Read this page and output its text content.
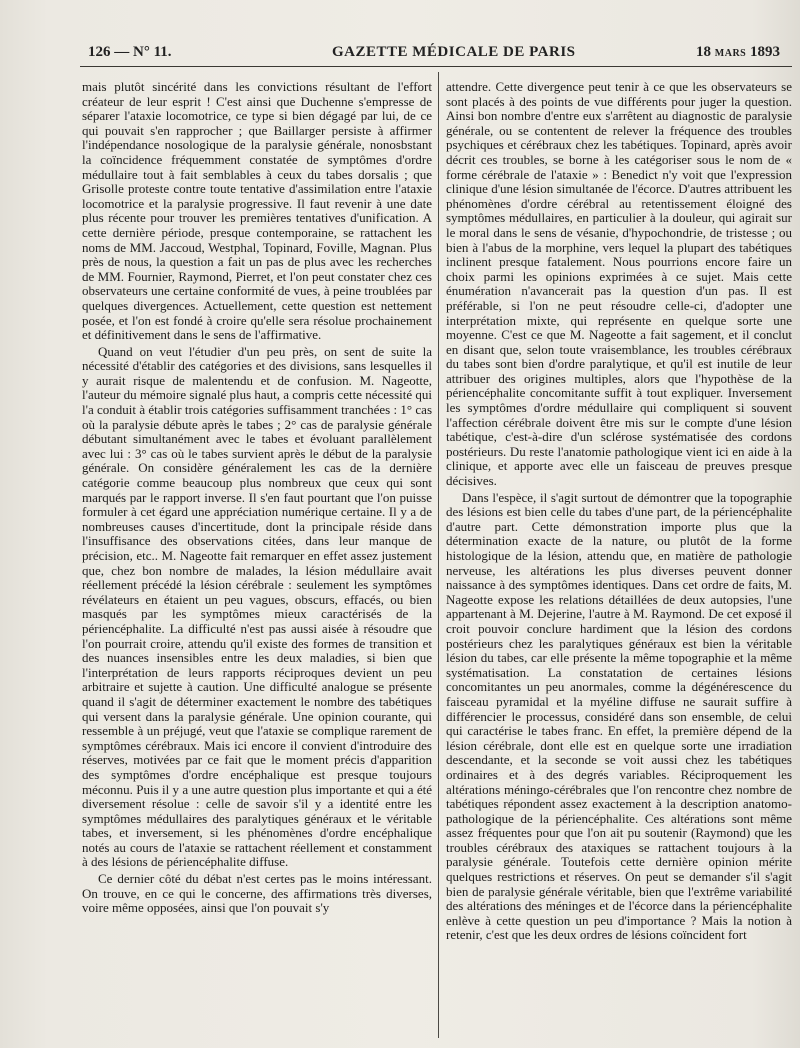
126 — N° 11.	GAZETTE MÉDICALE DE PARIS	18 MARS 1893

mais plutôt sincérité dans les convictions résultant de l'effort créateur de leur esprit ! C'est ainsi que Duchenne s'empresse de séparer l'ataxie locomotrice, ce type si bien dégagé par lui, de ce qui pouvait s'en rapprocher ; que Baillarger persiste à affirmer l'indépendance nosologique de la paralysie générale, nonosbstant la coïncidence fréquemment constatée de symptômes d'ordre médullaire tout à fait semblables à ceux du tabes dorsalis ; que Grisolle proteste contre toute tentative d'assimilation entre l'ataxie locomotrice et la paralysie progressive. Il faut revenir à une date plus récente pour trouver les premières tentatives d'unification. A cette dernière période, presque contemporaine, se rattachent les noms de MM. Jaccoud, Westphal, Topinard, Foville, Magnan. Plus près de nous, la question a fait un pas de plus avec les recherches de MM. Fournier, Raymond, Pierret, et l'on peut constater chez ces observateurs une certaine conformité de vues, à peine troublées par quelques divergences. Actuellement, cette question est nettement posée, et l'on est fondé à croire qu'elle sera résolue prochainement et définitivement dans le sens de l'affirmative.

Quand on veut l'étudier d'un peu près, on sent de suite la nécessité d'établir des catégories et des divisions, sans lesquelles il y aurait risque de malentendu et de confusion. M. Nageotte, l'auteur du mémoire signalé plus haut, a compris cette nécessité qui l'a conduit à établir trois catégories suffisamment tranchées : 1° cas où la paralysie débute après le tabes ; 2° cas de paralysie générale débutant simultanément avec le tabes et évoluant parallèlement avec lui : 3° cas où le tabes survient après le début de la paralysie générale. On considère généralement les cas de la dernière catégorie comme beaucoup plus nombreux que ceux qui sont marqués par le rapport inverse. Il s'en faut pourtant que l'on puisse formuler à cet égard une appréciation numérique certaine. Il y a de nombreuses causes d'incertitude, dont la principale réside dans l'insuffisance des observations citées, dans leur manque de précision, etc.. M. Nageotte fait remarquer en effet assez justement que, chez bon nombre de malades, la lésion médullaire avait réellement précédé la lésion cérébrale : seulement les symptômes révélateurs en étaient un peu vagues, obscurs, effacés, ou bien masqués par les symptômes mieux caractérisés de la périencéphalite. La difficulté n'est pas aussi aisée à résoudre que l'on pourrait croire, attendu qu'il existe des formes de transition et des nuances insensibles entre les deux maladies, si bien que l'interprétation de leurs rapports réciproques devient un peu arbitraire et sujette à caution. Une difficulté analogue se présente quand il s'agit de déterminer exactement le nombre des tabétiques qui versent dans la paralysie générale. Une opinion courante, qui ressemble à un préjugé, veut que l'ataxie se complique rarement de symptômes cérébraux. Mais ici encore il convient d'introduire des réserves, motivées par ce fait que le moment précis d'apparition des symptômes d'ordre encéphalique est presque toujours méconnu. Puis il y a une autre question plus importante et qui a été diversement résolue : celle de savoir s'il y a identité entre les symptômes médullaires des paralytiques généraux et le véritable tabes, et inversement, si les phénomènes d'ordre encéphalique notés au cours de l'ataxie se rattachent réellement et constamment à des lésions de périencéphalite diffuse.

Ce dernier côté du débat n'est certes pas le moins intéressant. On trouve, en ce qui le concerne, des affirmations très diverses, voire même opposées, ainsi que l'on pouvait s'y

attendre. Cette divergence peut tenir à ce que les observateurs se sont placés à des points de vue différents pour juger la question. Ainsi bon nombre d'entre eux s'arrêtent au diagnostic de paralysie générale, ou se contentent de relever la fréquence des troubles psychiques et cérébraux chez les tabétiques. Topinard, après avoir décrit ces troubles, se borne à les catégoriser sous le nom de « forme cérébrale de l'ataxie » : Benedict n'y voit que l'expression clinique d'une lésion simultanée de l'écorce. D'autres attribuent les phénomènes d'ordre cérébral au retentissement éloigné des symptômes médullaires, en particulier à la douleur, qui agirait sur le moral dans le sens de vésanie, d'hypochondrie, de tristesse ; ou bien à l'abus de la morphine, vers lequel la plupart des tabétiques inclinent presque fatalement. Nous pourrions encore faire un choix parmi les opinions exprimées à ce sujet. Mais cette énumération n'avancerait pas la question d'un pas. Il est préférable, si l'on ne peut résoudre celle-ci, d'adopter une interprétation mixte, qui représente en quelque sorte une moyenne. C'est ce que M. Nageotte a fait sagement, et il conclut en disant que, selon toute vraisemblance, les troubles cérébraux du tabes sont bien d'ordre paralytique, et qu'il est inutile de leur attribuer des origines multiples, alors que l'hypothèse de la périencéphalite concomitante suffit à tout expliquer. Inversement les symptômes d'ordre médullaire qui compliquent si souvent l'affection cérébrale doivent être mis sur le compte d'une lésion tabétique, c'est-à-dire d'un sclérose systématisée des cordons postérieurs. Du reste l'anatomie pathologique vient ici en aide à la clinique, et apporte avec elle un faisceau de preuves presque décisives.

Dans l'espèce, il s'agit surtout de démontrer que la topographie des lésions est bien celle du tabes d'une part, de la périencéphalite d'autre part. Cette démonstration importe plus que la détermination exacte de la nature, ou plutôt de la forme histologique de la lésion, attendu que, en matière de pathologie nerveuse, les altérations les plus diverses peuvent donner naissance à des symptômes identiques. Dans cet ordre de faits, M. Nageotte expose les relations détaillées de deux autopsies, l'une appartenant à M. Dejerine, l'autre à M. Raymond. De cet exposé il croit pouvoir conclure hardiment que la lésion des cordons postérieurs chez les paralytiques généraux est bien la véritable lésion du tabes, car elle présente la même topographie et la même systématisation. La constatation de certaines lésions concomitantes un peu anormales, comme la dégénérescence du faisceau pyramidal et la myéline diffuse ne saurait suffire à différencier le processus, considéré dans son ensemble, de celui qui caractérise le tabes franc. En effet, la première dépend de la lésion cérébrale, dont elle est en quelque sorte une irradiation descendante, et la seconde se voit aussi chez les tabétiques ordinaires et à des degrés variables. Réciproquement les altérations méningo-cérébrales que l'on rencontre chez nombre de tabétiques répondent assez exactement à la description anatomo-pathologique de la périencéphalite. Ces altérations sont même assez fréquentes pour que l'on ait pu soutenir (Raymond) que les troubles cérébraux des ataxiques se rattachent toujours à la paralysie générale. Toutefois cette dernière opinion mérite quelques restrictions et réserves. On peut se demander s'il s'agit bien de paralysie générale véritable, bien que l'extrême variabilité des altérations des méninges et de l'écorce dans la périencéphalite enlève à cette question un peu d'importance ? Mais la notion à retenir, c'est que les deux ordres de lésions coïncident fort
